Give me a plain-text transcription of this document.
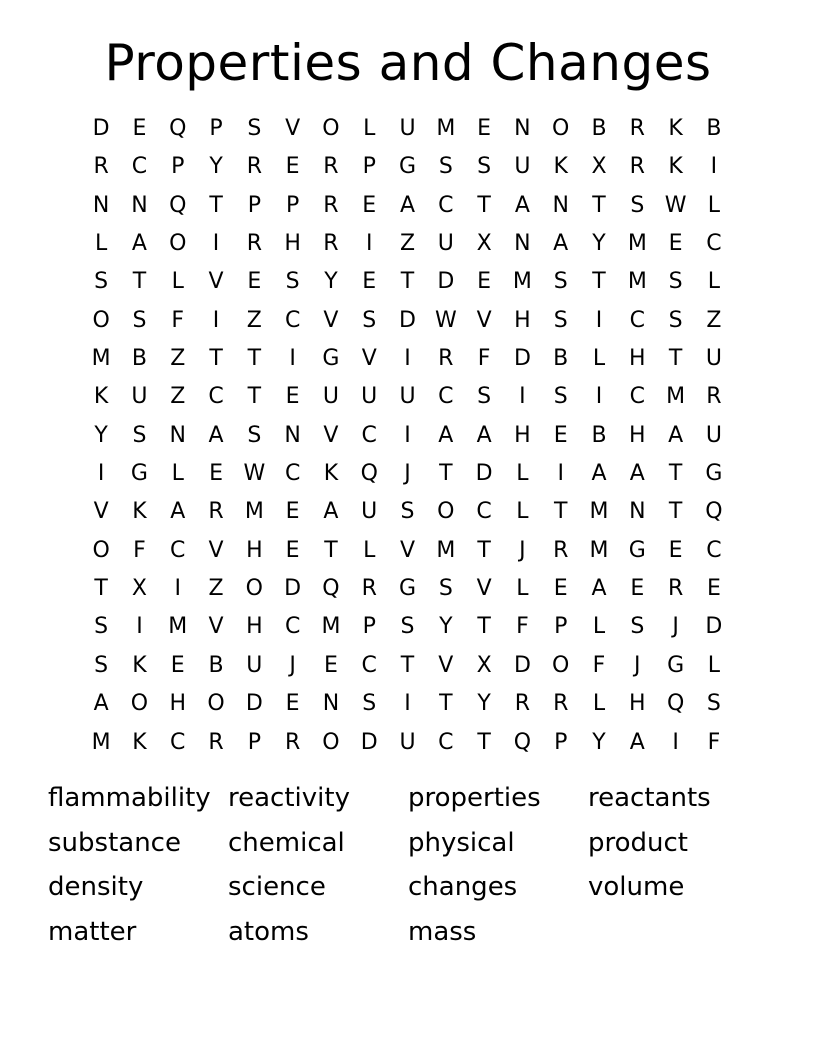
Properties and Changes
D	E	Q	P	S	V	O	L	U M E	N O	B	R	K	B
R	C	P	Y	R	E	R	P	G	S	S	U	K	X	R	K	I
N N Q	T	P	P	R	E	A	C	T	A	N	T	S W L
L	A	O	I	R	H	R	I	Z	U	X	N	A	Y	M E	C
S	T	L	V	E	S	Y	E	T	D	E M S	T	M S	L
O	S	F	I	Z	C	V	S	D W V	H	S	I	C	S	Z
M B	Z	T	T	I	G	V	I	R	F	D	B	L	H	T	U
K	U	Z	C	T	E	U	U	U	C	S	I	S	I	C M R
Y	S	N	A	S	N	V	C	I	A	A	H	E	B	H	A	U
I	G	L	E W C	K	Q	J	T	D	L	I	A	A	T	G
V	K	A	R M E	A	U	S	O C	L	T	M N	T	Q
O	F	C	V	H	E	T	L	V M	T	J	R M G	E	C
T	X	I	Z	O D Q R	G	S	V	L	E	A	E	R	E
S	I	M V	H	C M	P	S	Y	T	F	P	L	S	J	D
S	K	E	B	U	J	E	C	T	V	X	D O	F	J	G	L
A	O H O D	E	N	S	I	T	Y	R	R	L	H Q	S
M K	C	R	P	R O D U	C	T	Q	P	Y	A	I	F
flammability reactivity	properties	reactants
substance	chemical	physical	product
density	science	changes	volume
matter	atoms	mass
